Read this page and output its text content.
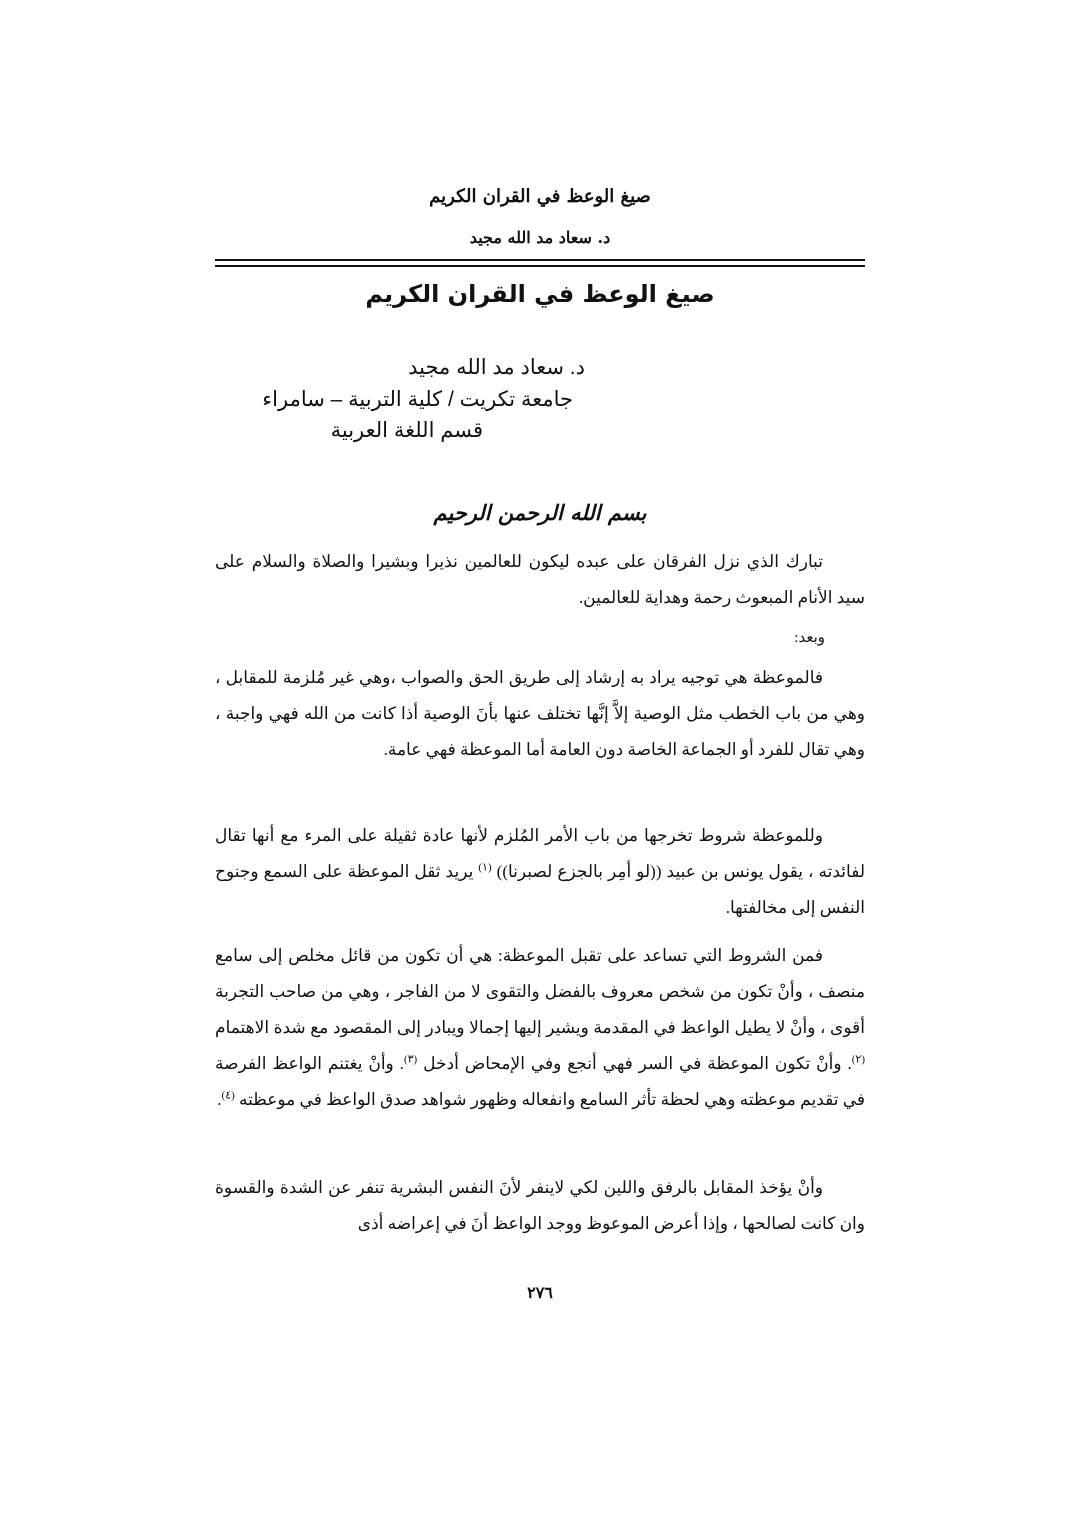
صيغ الوعظ في القران الكريم
د. سعاد مد الله مجيد
صيغ الوعظ في القران الكريم
د. سعاد مد الله مجيد
جامعة تكريت / كلية التربية – سامراء
قسم اللغة العربية
بسم الله الرحمن الرحيم

تبارك الذي نزل الفرقان على عبده ليكون للعالمين نذيرا وبشيرا والصلاة والسلام على سيد الأنام المبعوث رحمة وهداية للعالمين.

وبعد:

فالموعظة هي توجيه يراد به إرشاد إلى طريق الحق والصواب ،وهي غير مُلزمة للمقابل ، وهي من باب الخطب مثل الوصية إلاَّ إنَّها تختلف عنها بأنَ الوصية أذا كانت من الله فهي واجبة ، وهي تقال للفرد أو الجماعة الخاصة دون العامة أما الموعظة فهي عامة.

وللموعظة شروط تخرجها من باب الأمر المُلزم لأنها عادة ثقيلة على المرء مع أنها تقال لفائدته ، يقول يونس بن عبيد ((لو أمِر بالجزع لصبرنا)) $^{(١)}$ يريد ثقل الموعظة على السمع وجنوح النفس إلى مخالفتها.

فمن الشروط التي تساعد على تقبل الموعظة: هي أن تكون من قائل مخلص إلى سامع منصف ، وأنْ تكون من شخص معروف بالفضل والتقوى لا من الفاجر ، وهي من صاحب التجربة أقوى ، وأنْ لا يطيل الواعظ في المقدمة ويشير إليها إجمالا ويبادر إلى المقصود مع شدة الاهتمام $^{(٢)}$. وأنْ تكون الموعظة في السر فهي أنجع وفي الإمحاض أدخل $^{(٣)}$. وأنْ يغتنم الواعظ الفرصة في تقديم موعظته وهي لحظة تأثر السامع وانفعاله وظهور شواهد صدق الواعظ في موعظته $^{(٤)}$.

وأنْ يؤخذ المقابل بالرفق واللين لكي لاينفر لأنَ النفس البشرية تنفر عن الشدة والقسوة وان كانت لصالحها ، وإذا أعرض الموعوظ ووجد الواعظ أنَ في إعراضه أذى

٢٧٦
